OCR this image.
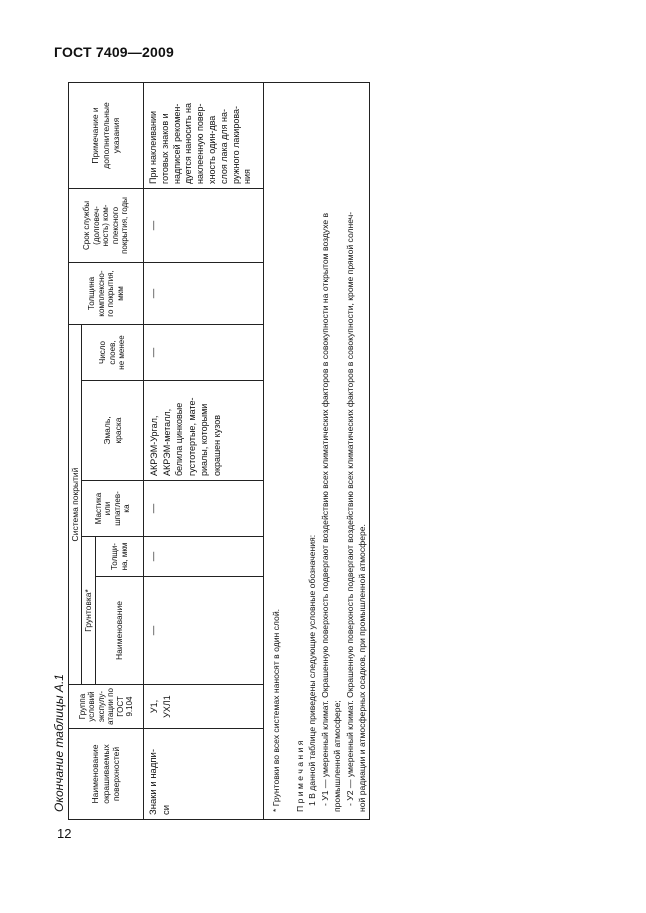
ГОСТ 7409—2009
12
Окончание таблицы А.1	Наименование
окрашиваемых
поверхностей
Группа
условий
экспулу-
атации по
ГОСТ
9.104
Система покрытий
Толщина
комплексно-
го покрытия,
мкм
Срок службы
(долговеч-
ность) ком-
плексного
покрытия, годы
Примечание и
дополнительные
указания
Грунтовка*
Мастика
или
шпатлев-
ка
Эмаль,
краска
Число
слоев,
не менее
Наименование
Толщи-
на, мкм
Знаки и надпи-
си
У1, УХЛ1
—
—
—
АКРЭМ-Ургал,
АКРЭМ-металл,
белила цинковые
густотертые, мате-
риалы, которыми
окрашен кузов
—
—
—
При наклеивании
готовых знаков и
надписей рекомен-
дуется наносить на
наклеенную повер-
хность один-два
слоя лака для на-
ружного лакирова-
ния
* Грунтовки во всех системах наносят в один слой. П р и м е ч а н и я 1 В данной таблице приведены следующие условные обозначения: - У1 — умеренный климат. Окрашенную поверхность подвергают воздействию всех климатических факторов в совокупности на открытом воздухе в промышленной атмосфере; - У2 — умеренный климат. Окрашенную поверхность подвергают воздействию всех климатических факторов в совокупности, кроме прямой солнеч- ной радиации и атмосферных осадков, при промышленной атмосфере.
